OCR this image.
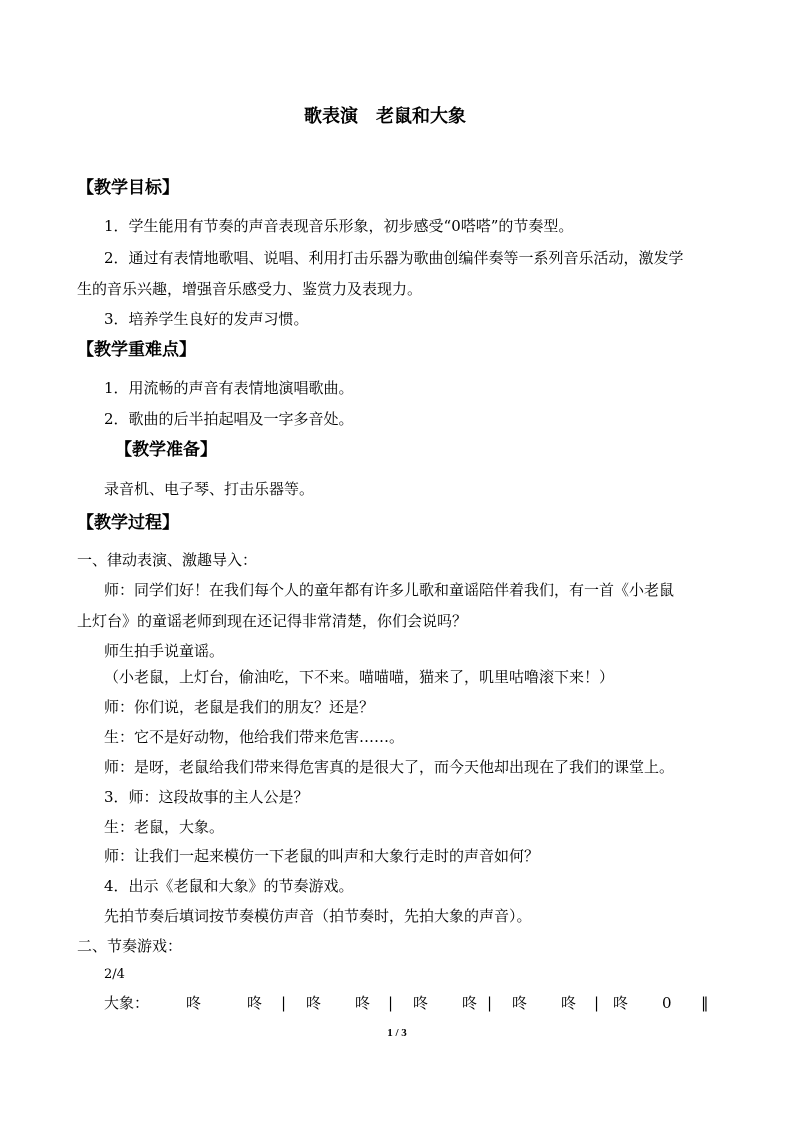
歌表演　老鼠和大象
【教学目标】
1．学生能用有节奏的声音表现音乐形象，初步感受“0嗒嗒”的节奏型。
2．通过有表情地歌唱、说唱、利用打击乐器为歌曲创编伴奏等一系列音乐活动，激发学
生的音乐兴趣，增强音乐感受力、鉴赏力及表现力。
3．培养学生良好的发声习惯。
【教学重难点】
1．用流畅的声音有表情地演唱歌曲。
2．歌曲的后半拍起唱及一字多音处。
【教学准备】
录音机、电子琴、打击乐器等。
【教学过程】
一、律动表演、激趣导入：
师：同学们好！在我们每个人的童年都有许多儿歌和童谣陪伴着我们，有一首《小老鼠
上灯台》的童谣老师到现在还记得非常清楚，你们会说吗？
师生拍手说童谣。
（小老鼠，上灯台，偷油吃，下不来。喵喵喵，猫来了，叽里咕噜滚下来！）
师：你们说，老鼠是我们的朋友？还是？
生：它不是好动物，他给我们带来危害……。
师：是呀，老鼠给我们带来得危害真的是很大了，而今天他却出现在了我们的课堂上。
3．师：这段故事的主人公是？
生：老鼠，大象。
师：让我们一起来模仿一下老鼠的叫声和大象行走时的声音如何？
4．出示《老鼠和大象》的节奏游戏。
先拍节奏后填词按节奏模仿声音（拍节奏时，先拍大象的声音）。
二、节奏游戏：
2/4
大象： 咚	咚 | 咚 咚 | 咚 咚 | 咚 咚 | 咚 0 ‖
1 / 3
